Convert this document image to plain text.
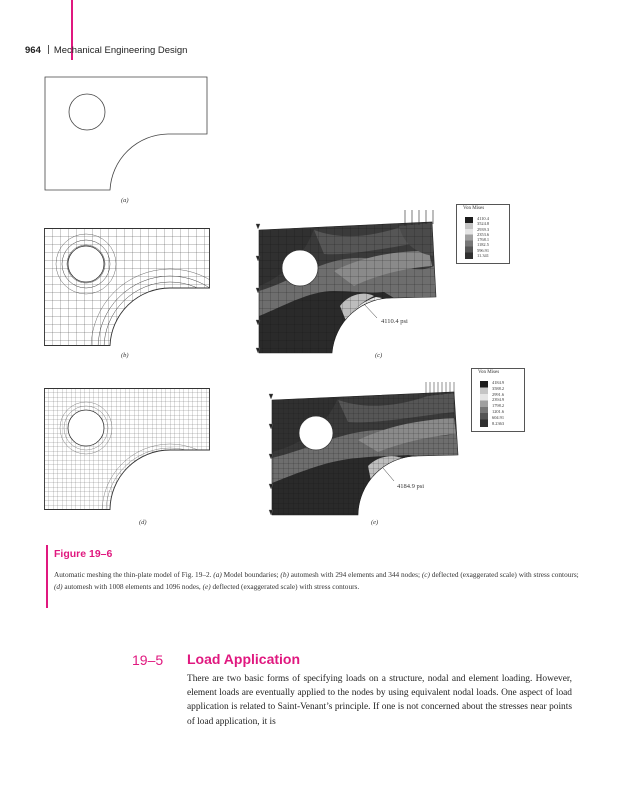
964 Mechanical Engineering Design
4110.4 psi
Von Mises
4110.4
3524.8
2939.3
2353.6
1768.1
1182.5
596.91
11.341
4184.9 psi
Von Mises
4184.9
3588.2
2991.6
2394.9
1798.2
1201.6
604.91
8.2363
(a)
(b)	(c)
(d)	(e)
Figure 19–6
Automatic meshing the thin-plate model of Fig. 19–2. (a) Model boundaries; (b) automesh with 294 elements and 344 nodes; (c) deflected (exaggerated scale) with stress contours; (d) automesh with 1008 elements and 1096 nodes, (e) deflected (exaggerated scale) with stress contours.
19–5 Load Application
There are two basic forms of specifying loads on a structure, nodal and element loading. However, element loads are eventually applied to the nodes by using equivalent nodal loads. One aspect of load application is related to Saint-Venant’s principle. If one is not concerned about the stresses near points of load application, it is
